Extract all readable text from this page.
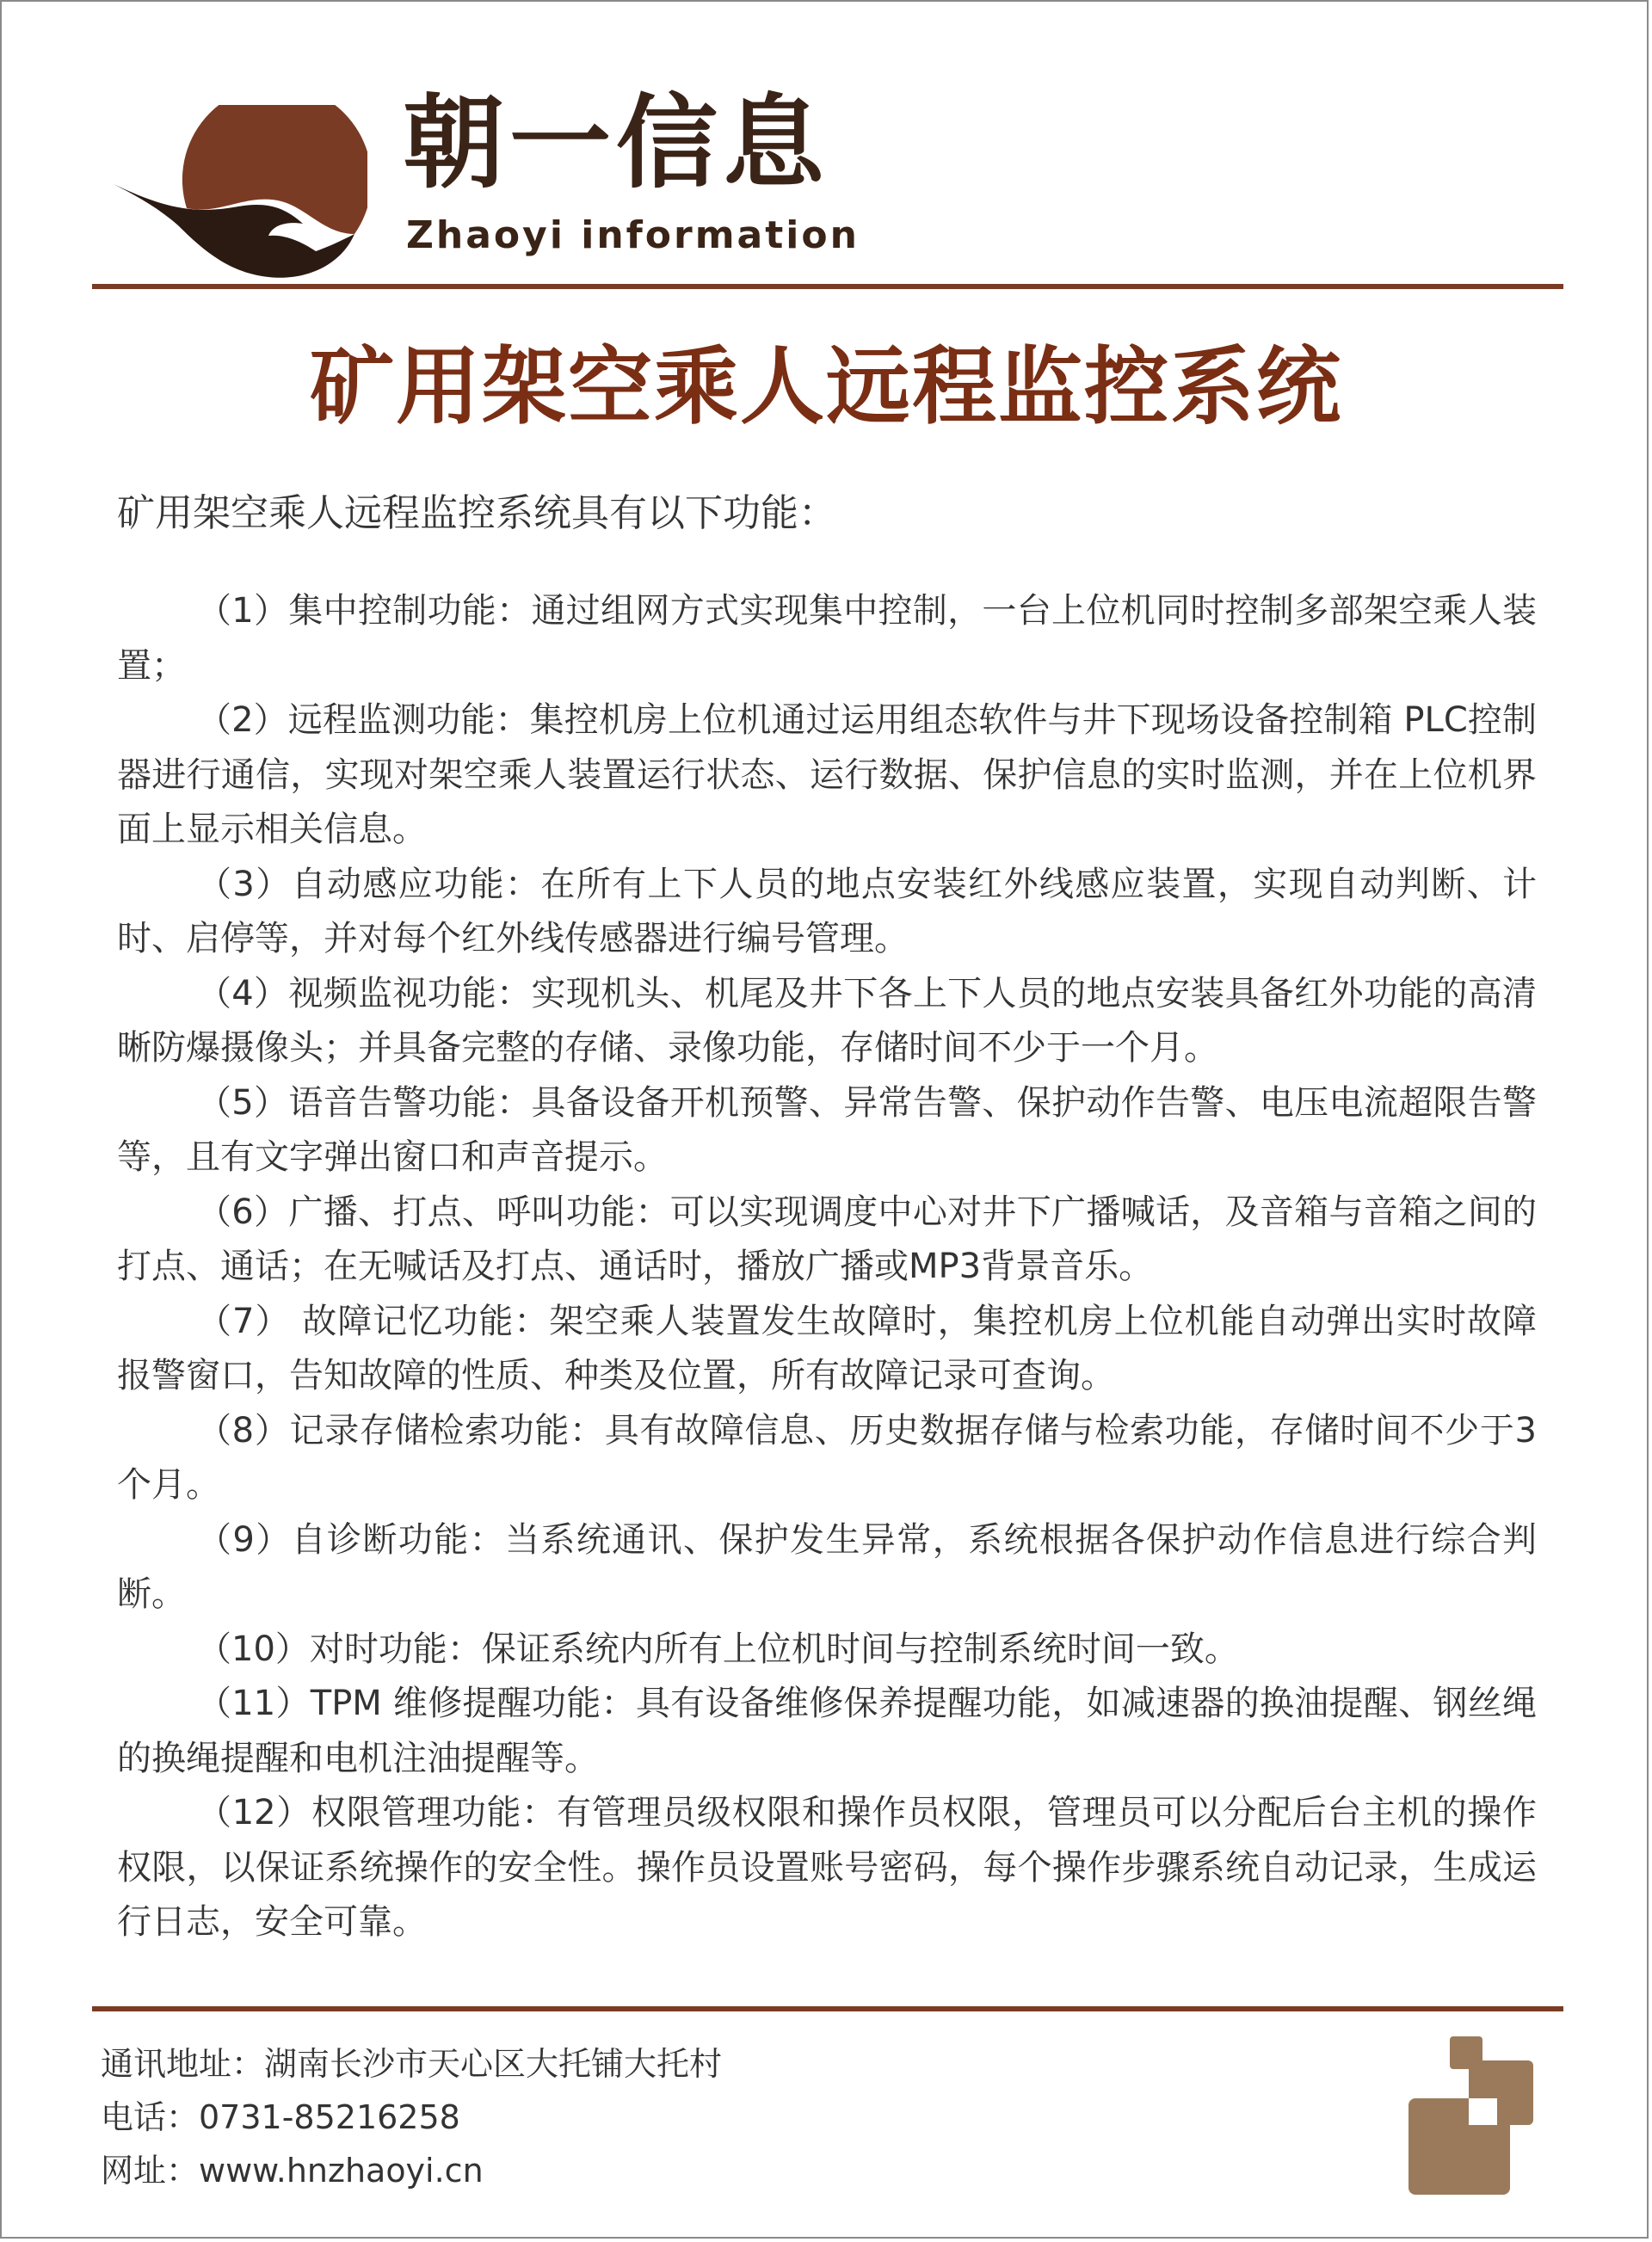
朝一信息
Zhaoyi information
矿用架空乘人远程监控系统
矿用架空乘人远程监控系统具有以下功能：

（1）集中控制功能：通过组网方式实现集中控制，一台上位机同时控制多部架空乘人装置；

（2）远程监测功能：集控机房上位机通过运用组态软件与井下现场设备控制箱 PLC控制器进行通信，实现对架空乘人装置运行状态、运行数据、保护信息的实时监测，并在上位机界面上显示相关信息。

（3）自动感应功能：在所有上下人员的地点安装红外线感应装置，实现自动判断、计时、启停等，并对每个红外线传感器进行编号管理。

（4）视频监视功能：实现机头、机尾及井下各上下人员的地点安装具备红外功能的高清晰防爆摄像头；并具备完整的存储、录像功能，存储时间不少于一个月。

（5）语音告警功能：具备设备开机预警、异常告警、保护动作告警、电压电流超限告警等，且有文字弹出窗口和声音提示。

（6）广播、打点、呼叫功能：可以实现调度中心对井下广播喊话，及音箱与音箱之间的打点、通话；在无喊话及打点、通话时，播放广播或MP3背景音乐。

（7） 故障记忆功能：架空乘人装置发生故障时，集控机房上位机能自动弹出实时故障报警窗口，告知故障的性质、种类及位置，所有故障记录可查询。

（8）记录存储检索功能：具有故障信息、历史数据存储与检索功能，存储时间不少于3个月。

（9）自诊断功能：当系统通讯、保护发生异常，系统根据各保护动作信息进行综合判断。

（10）对时功能：保证系统内所有上位机时间与控制系统时间一致。

（11）TPM 维修提醒功能：具有设备维修保养提醒功能，如减速器的换油提醒、钢丝绳的换绳提醒和电机注油提醒等。

（12）权限管理功能：有管理员级权限和操作员权限，管理员可以分配后台主机的操作权限，以保证系统操作的安全性。操作员设置账号密码，每个操作步骤系统自动记录，生成运行日志，安全可靠。

通讯地址：湖南长沙市天心区大托铺大托村
电话：0731-85216258
网址：www.hnzhaoyi.cn
